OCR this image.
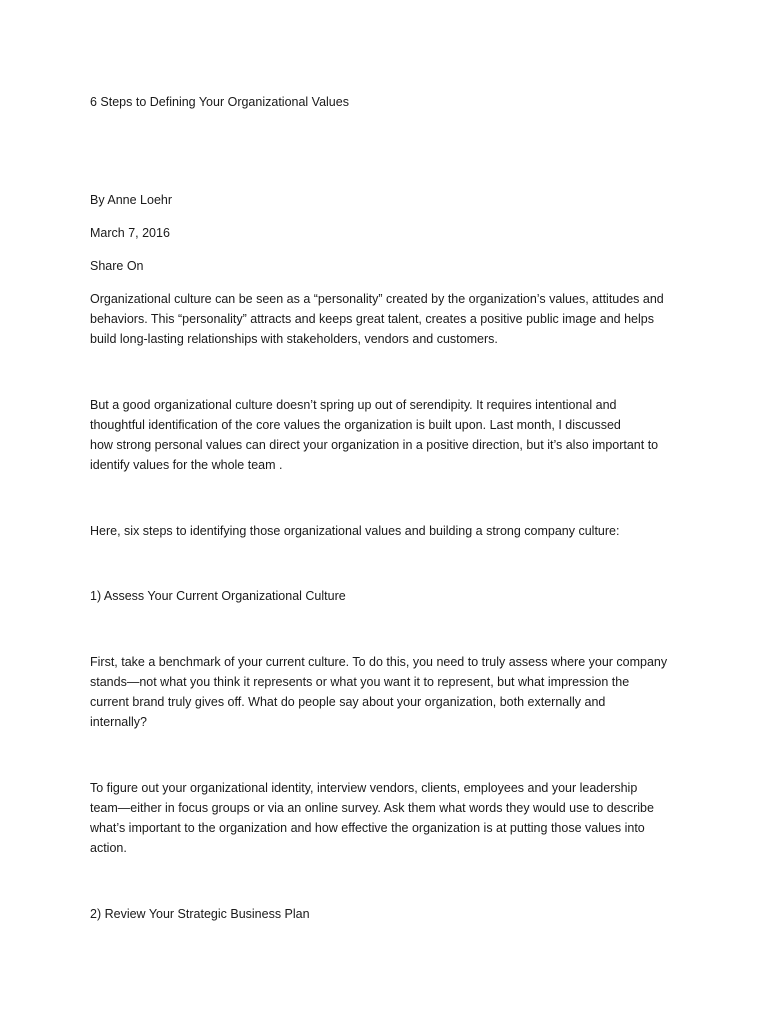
6 Steps to Defining Your Organizational Values

By Anne Loehr

March 7, 2016

Share On

Organizational culture can be seen as a “personality” created by the organization’s values, attitudes and
behaviors. This “personality” attracts and keeps great talent, creates a positive public image and helps
build long-lasting relationships with stakeholders, vendors and customers.
But a good organizational culture doesn’t spring up out of serendipity. It requires intentional and
thoughtful identification of the core values the organization is built upon. Last month, I discussed
how strong personal values can direct your organization in a positive direction, but it’s also important to
identify values for the whole team .
Here, six steps to identifying those organizational values and building a strong company culture:

1) Assess Your Current Organizational Culture

First, take a benchmark of your current culture. To do this, you need to truly assess where your company
stands—not what you think it represents or what you want it to represent, but what impression the
current brand truly gives off. What do people say about your organization, both externally and
internally?
To figure out your organizational identity, interview vendors, clients, employees and your leadership
team—either in focus groups or via an online survey. Ask them what words they would use to describe
what’s important to the organization and how effective the organization is at putting those values into
action.

2) Review Your Strategic Business Plan
